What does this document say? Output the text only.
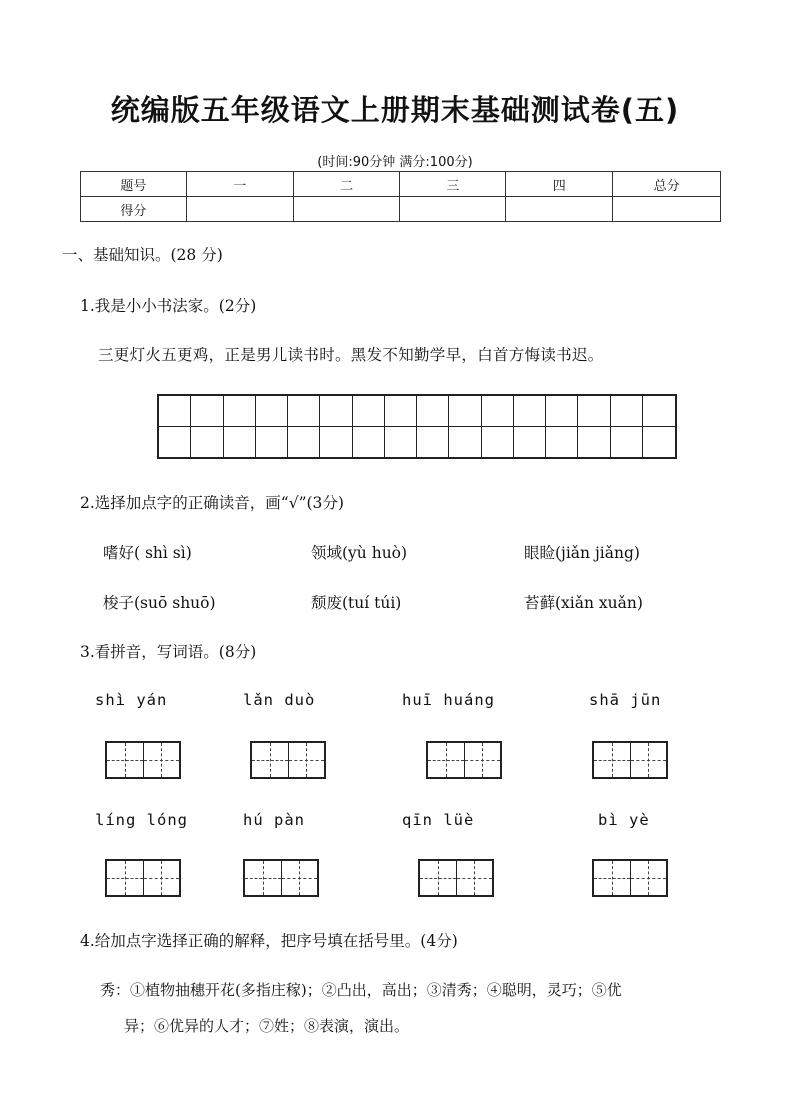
统编版五年级语文上册期末基础测试卷(五)
(时间:90分钟 满分:100分)
题号	一	二	三	四	总分
得分					
一、基础知识。(28 分)
1.我是小小书法家。(2分)
三更灯火五更鸡，正是男儿读书时。黑发不知勤学早，白首方悔读书迟。
2.选择加点字的正确读音，画“√”(3分)
嗜好( shì sì)	领域(yù huò)	眼睑(jiǎn jiǎng)
梭子(suō shuō)	颓废(tuí túi)	苔藓(xiǎn xuǎn)
3.看拼音，写词语。(8分)
shì yán	lǎn duò	huī huáng	shā jūn
líng lóng	hú pàn	qīn lüè	bì yè
4.给加点字选择正确的解释，把序号填在括号里。(4分)
秀：①植物抽穗开花(多指庄稼)；②凸出，高出；③清秀；④聪明，灵巧；⑤优
异；⑥优异的人才；⑦姓；⑧表演，演出。
